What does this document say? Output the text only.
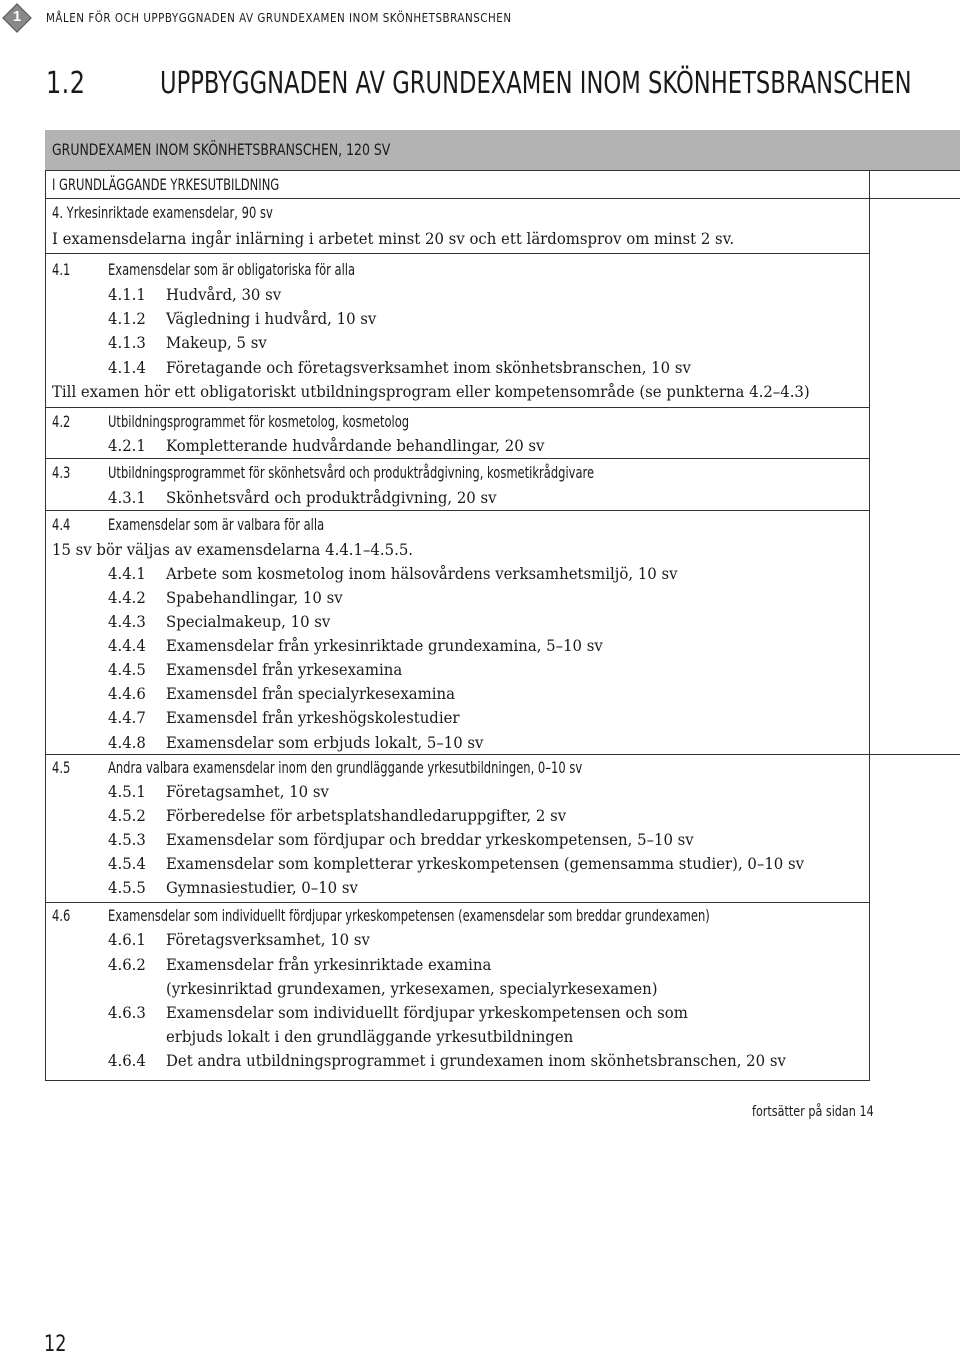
1	MÅLEN FÖR OCH UPPBYGGNADEN AV GRUNDEXAMEN INOM SKÖNHETSBRANSCHEN
1.2 UPPBYGGNADEN AV GRUNDEXAMEN INOM SKÖNHETSBRANSCHEN
GRUNDEXAMEN INOM SKÖNHETSBRANSCHEN, 120 SV
I GRUNDLÄGGANDE YRKESUTBILDNING
4. Yrkesinriktade examensdelar, 90 sv
I examensdelarna ingår inlärning i arbetet minst 20 sv och ett lärdomsprov om minst 2 sv.
4.1 Examensdelar som är obligatoriska för alla
4.1.1 Hudvård, 30 sv
4.1.2 Vägledning i hudvård, 10 sv
4.1.3 Makeup, 5 sv
4.1.4 Företagande och företagsverksamhet inom skönhetsbranschen, 10 sv
Till examen hör ett obligatoriskt utbildningsprogram eller kompetensområde (se punkterna 4.2–4.3)
4.2 Utbildningsprogrammet för kosmetolog, kosmetolog
4.2.1 Kompletterande hudvårdande behandlingar, 20 sv
4.3 Utbildningsprogrammet för skönhetsvård och produktrådgivning, kosmetikrådgivare
4.3.1 Skönhetsvård och produktrådgivning, 20 sv
4.4 Examensdelar som är valbara för alla
15 sv bör väljas av examensdelarna 4.4.1–4.5.5.
4.4.1 Arbete som kosmetolog inom hälsovårdens verksamhetsmiljö, 10 sv
4.4.2 Spabehandlingar, 10 sv
4.4.3 Specialmakeup, 10 sv
4.4.4 Examensdelar från yrkesinriktade grundexamina, 5–10 sv
4.4.5 Examensdel från yrkesexamina
4.4.6 Examensdel från specialyrkesexamina
4.4.7 Examensdel från yrkeshögskolestudier
4.4.8 Examensdelar som erbjuds lokalt, 5–10 sv
4.5 Andra valbara examensdelar inom den grundläggande yrkesutbildningen, 0–10 sv
4.5.1 Företagsamhet, 10 sv
4.5.2 Förberedelse för arbetsplatshandledaruppgifter, 2 sv
4.5.3 Examensdelar som fördjupar och breddar yrkeskompetensen, 5–10 sv
4.5.4 Examensdelar som kompletterar yrkeskompetensen (gemensamma studier), 0–10 sv
4.5.5 Gymnasiestudier, 0–10 sv
4.6 Examensdelar som individuellt fördjupar yrkeskompetensen (examensdelar som breddar grundexamen)
4.6.1 Företagsverksamhet, 10 sv
4.6.2 Examensdelar från yrkesinriktade examina
(yrkesinriktad grundexamen, yrkesexamen, specialyrkesexamen)
4.6.3 Examensdelar som individuellt fördjupar yrkeskompetensen och som
erbjuds lokalt i den grundläggande yrkesutbildningen
4.6.4 Det andra utbildningsprogrammet i grundexamen inom skönhetsbranschen, 20 sv
fortsätter på sidan 14
12
